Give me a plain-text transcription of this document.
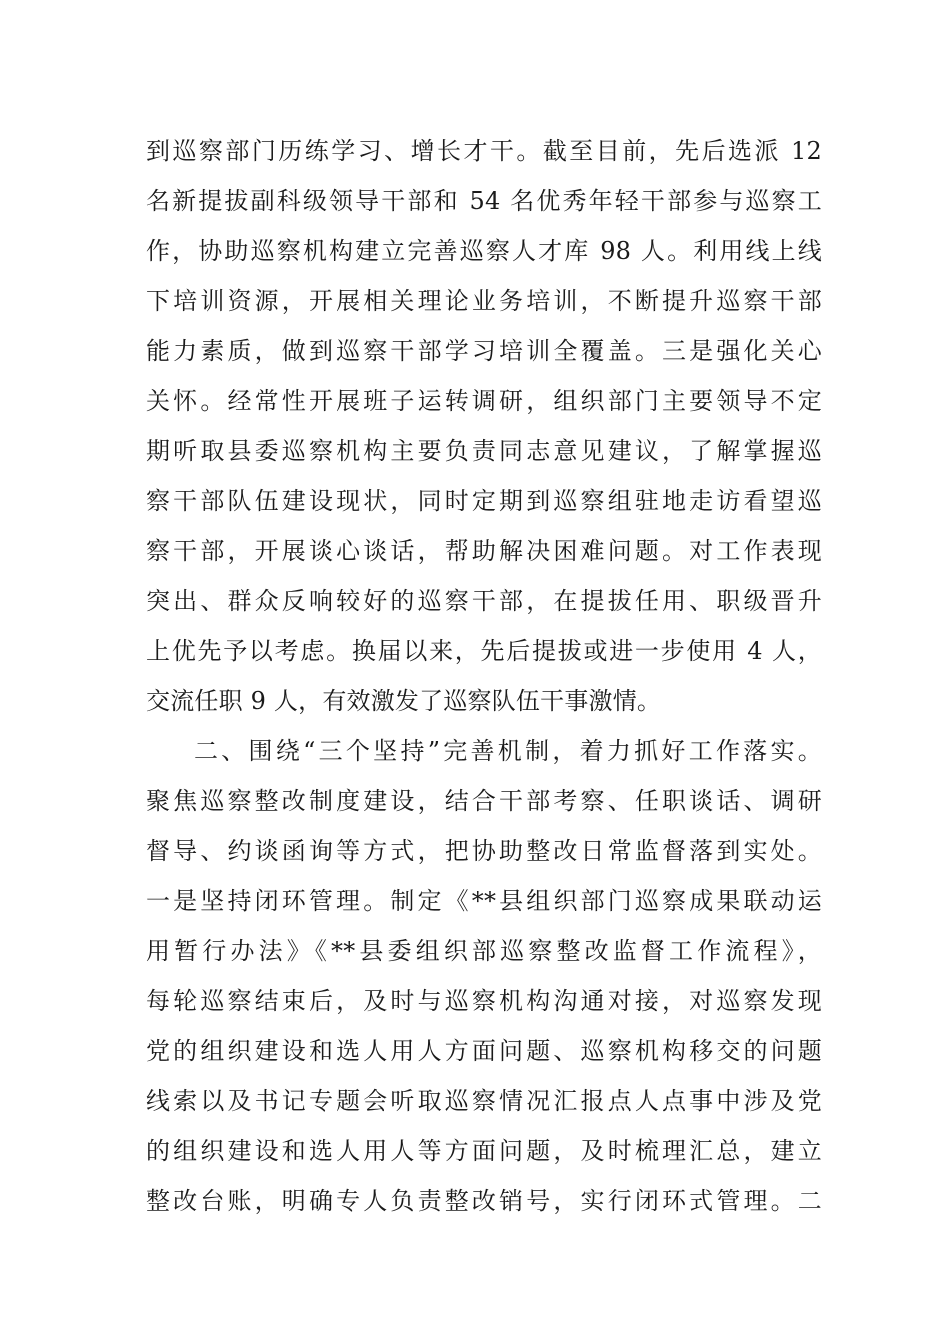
到巡察部门历练学习、增长才干。截至目前，先后选派 12
名新提拔副科级领导干部和 54 名优秀年轻干部参与巡察工
作，协助巡察机构建立完善巡察人才库 98 人。利用线上线
下培训资源，开展相关理论业务培训，不断提升巡察干部
能力素质，做到巡察干部学习培训全覆盖。三是强化关心
关怀。经常性开展班子运转调研，组织部门主要领导不定
期听取县委巡察机构主要负责同志意见建议，了解掌握巡
察干部队伍建设现状，同时定期到巡察组驻地走访看望巡
察干部，开展谈心谈话，帮助解决困难问题。对工作表现
突出、群众反响较好的巡察干部，在提拔任用、职级晋升
上优先予以考虑。换届以来，先后提拔或进一步使用 4 人，
交流任职 9 人，有效激发了巡察队伍干事激情。
二、围绕“三个坚持”完善机制，着力抓好工作落实。
聚焦巡察整改制度建设，结合干部考察、任职谈话、调研
督导、约谈函询等方式，把协助整改日常监督落到实处。
一是坚持闭环管理。制定《**县组织部门巡察成果联动运
用暂行办法》《**县委组织部巡察整改监督工作流程》，
每轮巡察结束后，及时与巡察机构沟通对接，对巡察发现
党的组织建设和选人用人方面问题、巡察机构移交的问题
线索以及书记专题会听取巡察情况汇报点人点事中涉及党
的组织建设和选人用人等方面问题，及时梳理汇总，建立
整改台账，明确专人负责整改销号，实行闭环式管理。二
